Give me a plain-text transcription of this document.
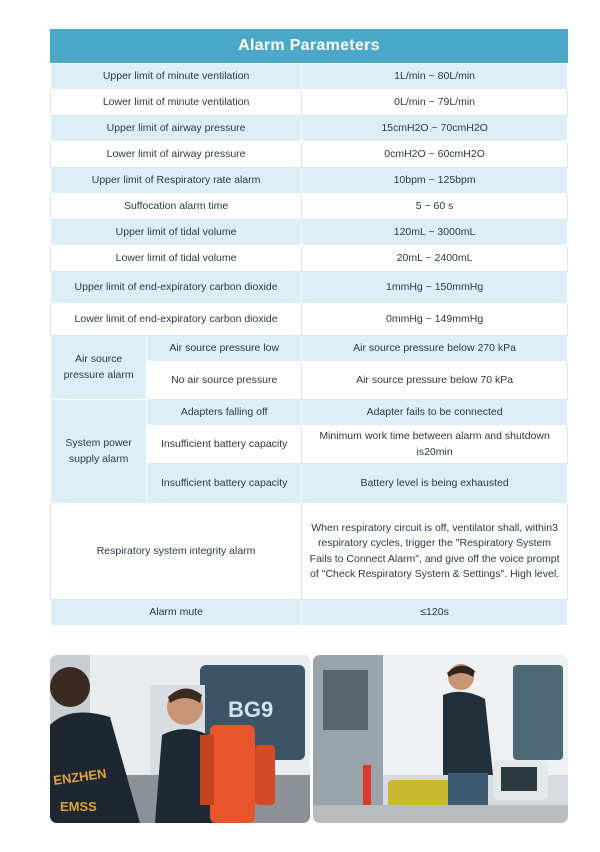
Alarm Parameters
Upper limit of minute ventilation		1L/min ~ 80L/min
Lower limit of minute ventilation		0L/min ~ 79L/min
Upper limit of airway pressure		15cmH2O ~ 70cmH2O
Lower limit of airway pressure		0cmH2O ~ 60cmH2O
Upper limit of Respiratory rate alarm		10bpm ~ 125bpm
Suffocation alarm time		5 ~ 60 s
Upper limit of tidal volume		120mL ~ 3000mL
Lower limit of tidal volume		20mL ~ 2400mL
Upper limit of end-expiratory carbon dioxide		1mmHg ~ 150mmHg
Lower limit of end-expiratory carbon dioxide		0mmHg ~ 149mmHg
Air source pressure alarm	Air source pressure low	Air source pressure below 270 kPa
	No air source pressure	Air source pressure below 70 kPa
System power supply alarm	Adapters falling off	Adapter fails to be connected
	Insufficient battery capacity	Minimum work time between alarm and shutdown is20min
	Insufficient battery capacity	Battery level is being exhausted
Respiratory system integrity alarm		When respiratory circuit is off, ventilator shall, within3 respiratory cycles, trigger the "Respiratory System Fails to Connect Alarm", and give off the voice prompt of "Check Respiratory System & Settings". High level.
Alarm mute		≤120s
BG9
ENZHEN
EMSS
